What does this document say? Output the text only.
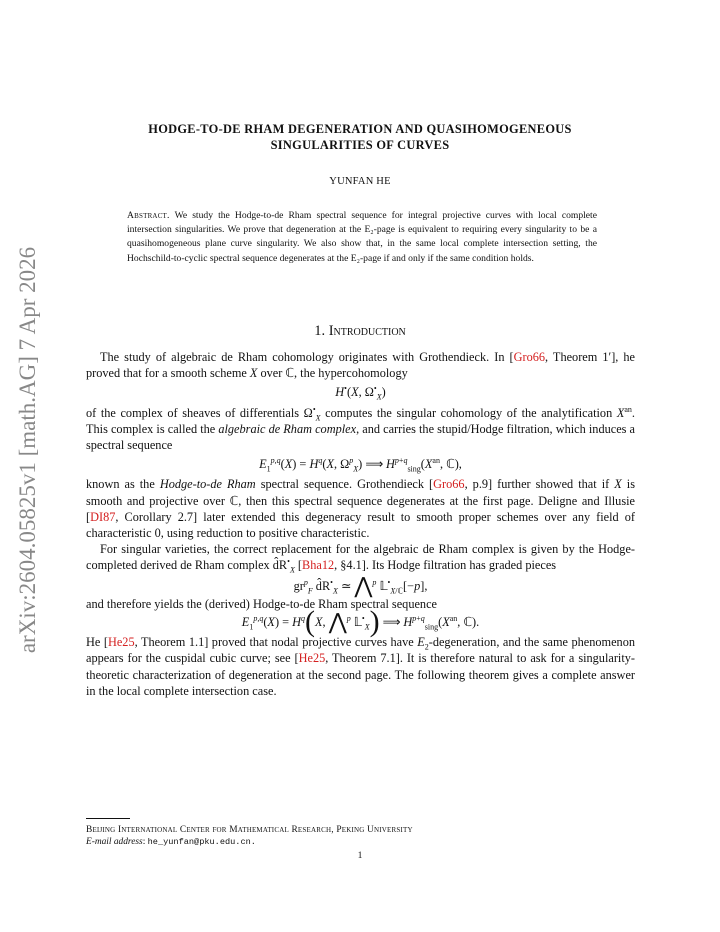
arXiv:2604.05825v1 [math.AG] 7 Apr 2026
HODGE-TO-DE RHAM DEGENERATION AND QUASIHOMOGENEOUS
SINGULARITIES OF CURVES
YUNFAN HE
Abstract. We study the Hodge-to-de Rham spectral sequence for integral projective curves with local complete intersection singularities. We prove that degeneration at the E₂-page is equivalent to requiring every singularity to be a quasihomogeneous plane curve singularity. We also show that, in the same local complete intersection setting, the Hochschild-to-cyclic spectral sequence degenerates at the E₂-page if and only if the same condition holds.
1. Introduction

The study of algebraic de Rham cohomology originates with Grothendieck. In [Gro66, Theorem 1′], he proved that for a smooth scheme X over ℂ, the hypercohomology

H•(X, $\Omega^•_X$)

of the complex of sheaves of differentials $\Omega^•_X$ computes the singular cohomology of the analytification $X^{an}$. This complex is called the algebraic de Rham complex, and carries the stupid/Hodge filtration, which induces a spectral sequence

$E_1^{p,q}(X) = H^q(X$, $\Omega^p_X$) ⟹ $H^{p+q}_{sing}(X^{an}$, ℂ),

known as the Hodge-to-de Rham spectral sequence. Grothendieck [Gro66, p.9] further showed that if X is smooth and projective over ℂ, then this spectral sequence degenerates at the first page. Deligne and Illusie [DI87, Corollary 2.7] later extended this degeneracy result to smooth proper schemes over any field of characteristic 0, using reduction to positive characteristic.

For singular varieties, the correct replacement for the algebraic de Rham complex is given by the Hodge-completed derived de Rham complex $d̂R^•_X$ [Bha12, §4.1]. Its Hodge filtration has graded pieces

$gr^p_F$ $d̂R^•_X$ ≃ ⋀$^p$ 𝕃•$_{X/ℂ}$[−p],

and therefore yields the (derived) Hodge-to-de Rham spectral sequence

$E_1^{p,q}(X) = H^q(X$, ⋀$^p$ 𝕃•$_X$) ⟹ $H^{p+q}_{sing}(X^{an}$, ℂ).

He [He25, Theorem 1.1] proved that nodal projective curves have $E_2$-degeneration, and the same phenomenon appears for the cuspidal cubic curve; see [He25, Theorem 7.1]. It is therefore natural to ask for a singularity-theoretic characterization of degeneration at the second page. The following theorem gives a complete answer in the local complete intersection case.

Beijing International Center for Mathematical Research, Peking University
E-mail address: he_yunfan@pku.edu.cn.
1
